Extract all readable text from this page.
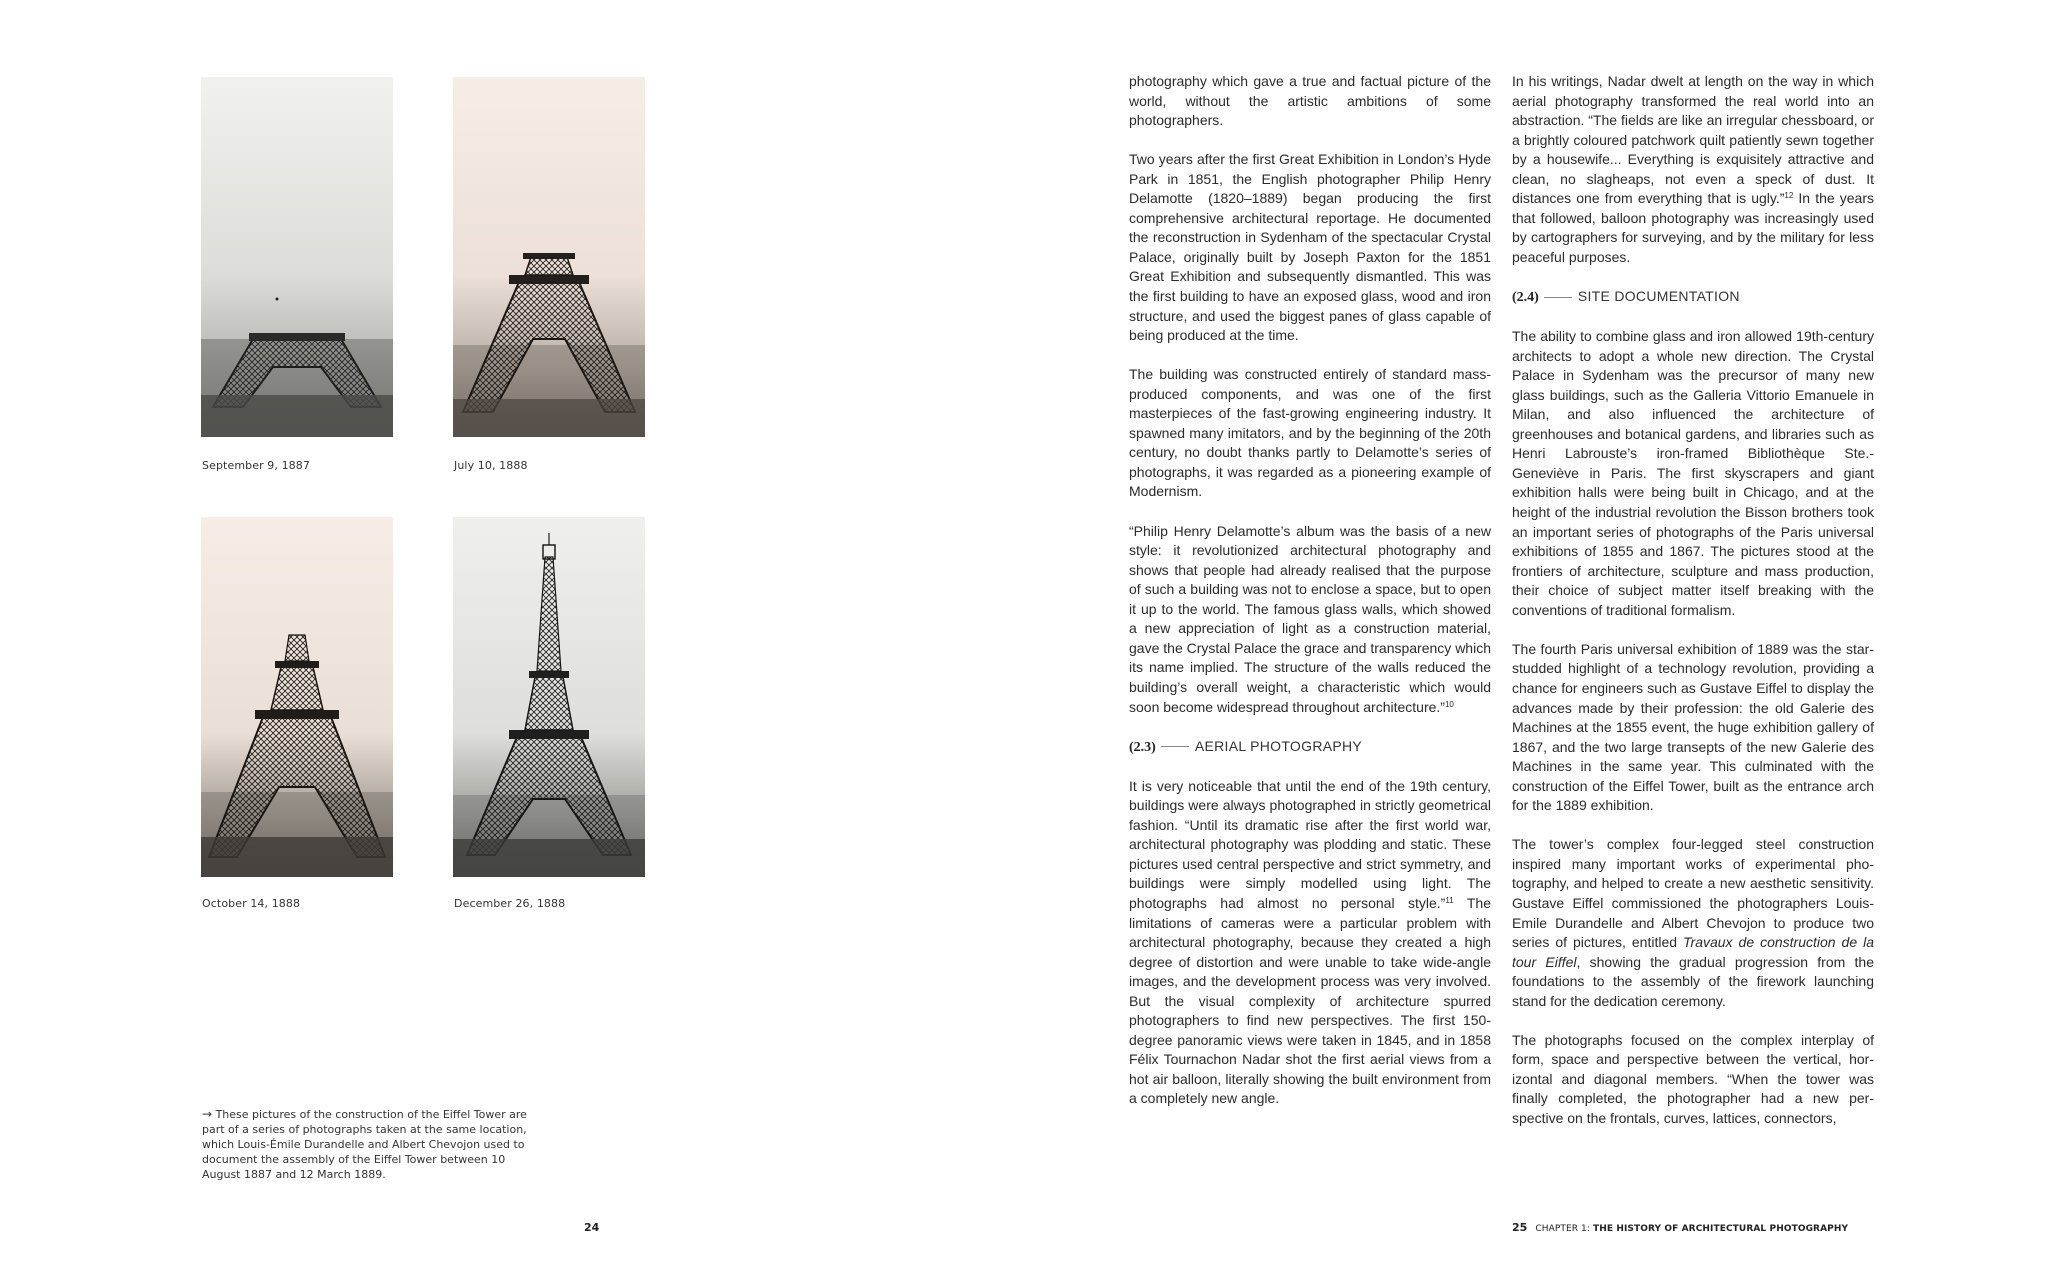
September 9, 1887	July 10, 1888
October 14, 1888	December 26, 1888
→ These pictures of the construction of the Eiffel Tower are part of a series of photographs taken at the same location, which Louis-Émile Durandelle and Albert Chevojon used to document the assembly of the Eiffel Tower between 10 August 1887 and 12 March 1889.
24

photography which gave a true and factual picture of the world, without the artistic ambitions of some photographers.

Two years after the first Great Exhibition in London’s Hyde Park in 1851, the English photographer Philip Henry Delamotte (1820–1889) began producing the first comprehensive architectural reportage. He documented the reconstruction in Sydenham of the spectacular Crystal Palace, originally built by Joseph Paxton for the 1851 Great Exhibition and subsequently dismantled. This was the first building to have an exposed glass, wood and iron structure, and used the biggest panes of glass capable of being produced at the time.

The building was constructed entirely of standard mass-produced components, and was one of the first masterpieces of the fast-growing engineering industry. It spawned many imitators, and by the beginning of the 20th century, no doubt thanks partly to Delamotte’s series of photographs, it was regarded as a pioneering example of Modernism.

“Philip Henry Delamotte’s album was the basis of a new style: it revolutionized architectural photography and shows that people had already realised that the purpose of such a building was not to enclose a space, but to open it up to the world. The famous glass walls, which showed a new appreciation of light as a construction material, gave the Crystal Palace the grace and transparency which its name implied. The structure of the walls reduced the building’s overall weight, a characteristic which would soon become widespread throughout architecture.”$^{10}$

(2.3)	AERIAL PHOTOGRAPHY

It is very noticeable that until the end of the 19th century, buildings were always photographed in strictly geometrical fashion. “Until its dramatic rise after the first world war, architectural photography was plodding and static. These pictures used central perspective and strict symmetry, and buildings were simply modelled using light. The photographs had almost no personal style.”$^{11}$ The limitations of cameras were a particular problem with architectural photography, because they created a high degree of distortion and were unable to take wide-angle images, and the development process was very involved. But the visual complexity of architecture spurred photographers to find new perspectives. The first 150-degree panoramic views were taken in 1845, and in 1858 Félix Tournachon Nadar shot the first aerial views from a hot air balloon, literally showing the built environment from a completely new angle.

In his writings, Nadar dwelt at length on the way in which aerial photography transformed the real world into an abstraction. “The fields are like an irregular chessboard, or a brightly coloured patchwork quilt patiently sewn together by a housewife... Everything is exquisitely attractive and clean, no slagheaps, not even a speck of dust. It distances one from everything that is ugly.”$^{12}$ In the years that followed, balloon photography was increasingly used by cartographers for surveying, and by the military for less peaceful purposes.

(2.4)	SITE DOCUMENTATION

The ability to combine glass and iron allowed 19th-century architects to adopt a whole new direction. The Crystal Palace in Sydenham was the precursor of many new glass buildings, such as the Galleria Vittorio Emanuele in Milan, and also influenced the architecture of greenhouses and botanical gardens, and libraries such as Henri Labrouste’s iron-framed Bibliothèque Ste.-Geneviève in Paris. The first skyscrapers and giant exhibition halls were being built in Chicago, and at the height of the industrial revolution the Bisson brothers took an important series of photographs of the Paris universal exhibitions of 1855 and 1867. The pictures stood at the frontiers of architecture, sculpture and mass production, their choice of subject matter itself breaking with the conventions of traditional formalism.

The fourth Paris universal exhibition of 1889 was the star-studded highlight of a technology revolution, providing a chance for engineers such as Gustave Eiffel to display the advances made by their profession: the old Galerie des Machines at the 1855 event, the huge exhibition gallery of 1867, and the two large transepts of the new Galerie des Machines in the same year. This culminated with the construction of the Eiffel Tower, built as the entrance arch for the 1889 exhibition.

The tower’s complex four-legged steel construction inspired many important works of experimental photography, and helped to create a new aesthetic sensitivity. Gustave Eiffel commissioned the photographers Louis-Emile Durandelle and Albert Chevojon to produce two series of pictures, entitled Travaux de construction de la tour Eiffel, showing the gradual progression from the foundations to the assembly of the firework launching stand for the dedication ceremony.

The photographs focused on the complex interplay of form, space and perspective between the vertical, horizontal and diagonal members. “When the tower was finally completed, the photographer had a new perspective on the frontals, curves, lattices, connectors,

25 CHAPTER 1: THE HISTORY OF ARCHITECTURAL PHOTOGRAPHY
